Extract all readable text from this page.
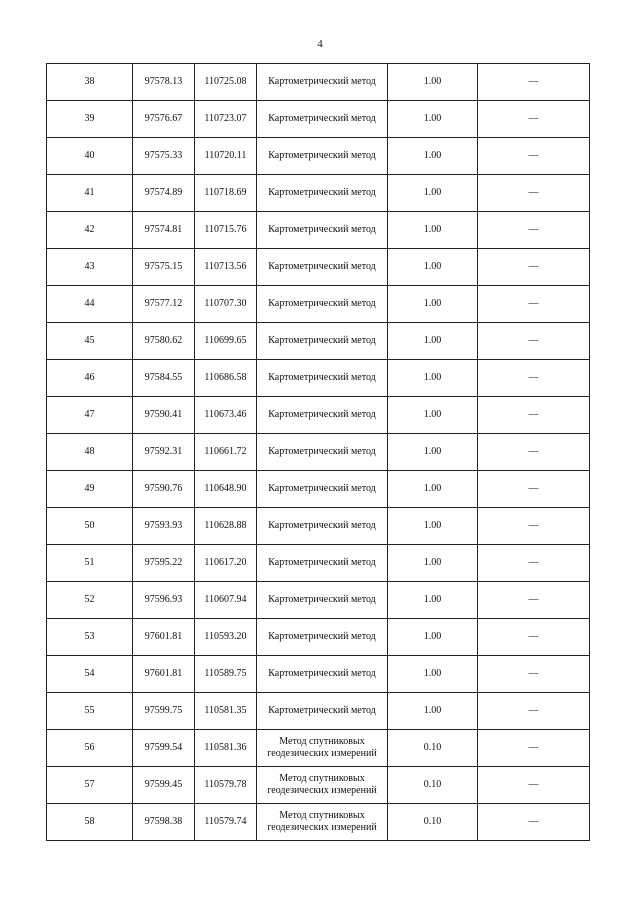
4
38	97578.13	110725.08	Картометрический метод	1.00	—
39	97576.67	110723.07	Картометрический метод	1.00	—
40	97575.33	110720.11	Картометрический метод	1.00	—
41	97574.89	110718.69	Картометрический метод	1.00	—
42	97574.81	110715.76	Картометрический метод	1.00	—
43	97575.15	110713.56	Картометрический метод	1.00	—
44	97577.12	110707.30	Картометрический метод	1.00	—
45	97580.62	110699.65	Картометрический метод	1.00	—
46	97584.55	110686.58	Картометрический метод	1.00	—
47	97590.41	110673.46	Картометрический метод	1.00	—
48	97592.31	110661.72	Картометрический метод	1.00	—
49	97590.76	110648.90	Картометрический метод	1.00	—
50	97593.93	110628.88	Картометрический метод	1.00	—
51	97595.22	110617.20	Картометрический метод	1.00	—
52	97596.93	110607.94	Картометрический метод	1.00	—
53	97601.81	110593.20	Картометрический метод	1.00	—
54	97601.81	110589.75	Картометрический метод	1.00	—
55	97599.75	110581.35	Картометрический метод	1.00	—
56	97599.54	110581.36	Метод спутниковых геодезических измерений	0.10	—
57	97599.45	110579.78	Метод спутниковых геодезических измерений	0.10	—
58	97598.38	110579.74	Метод спутниковых геодезических измерений	0.10	—
